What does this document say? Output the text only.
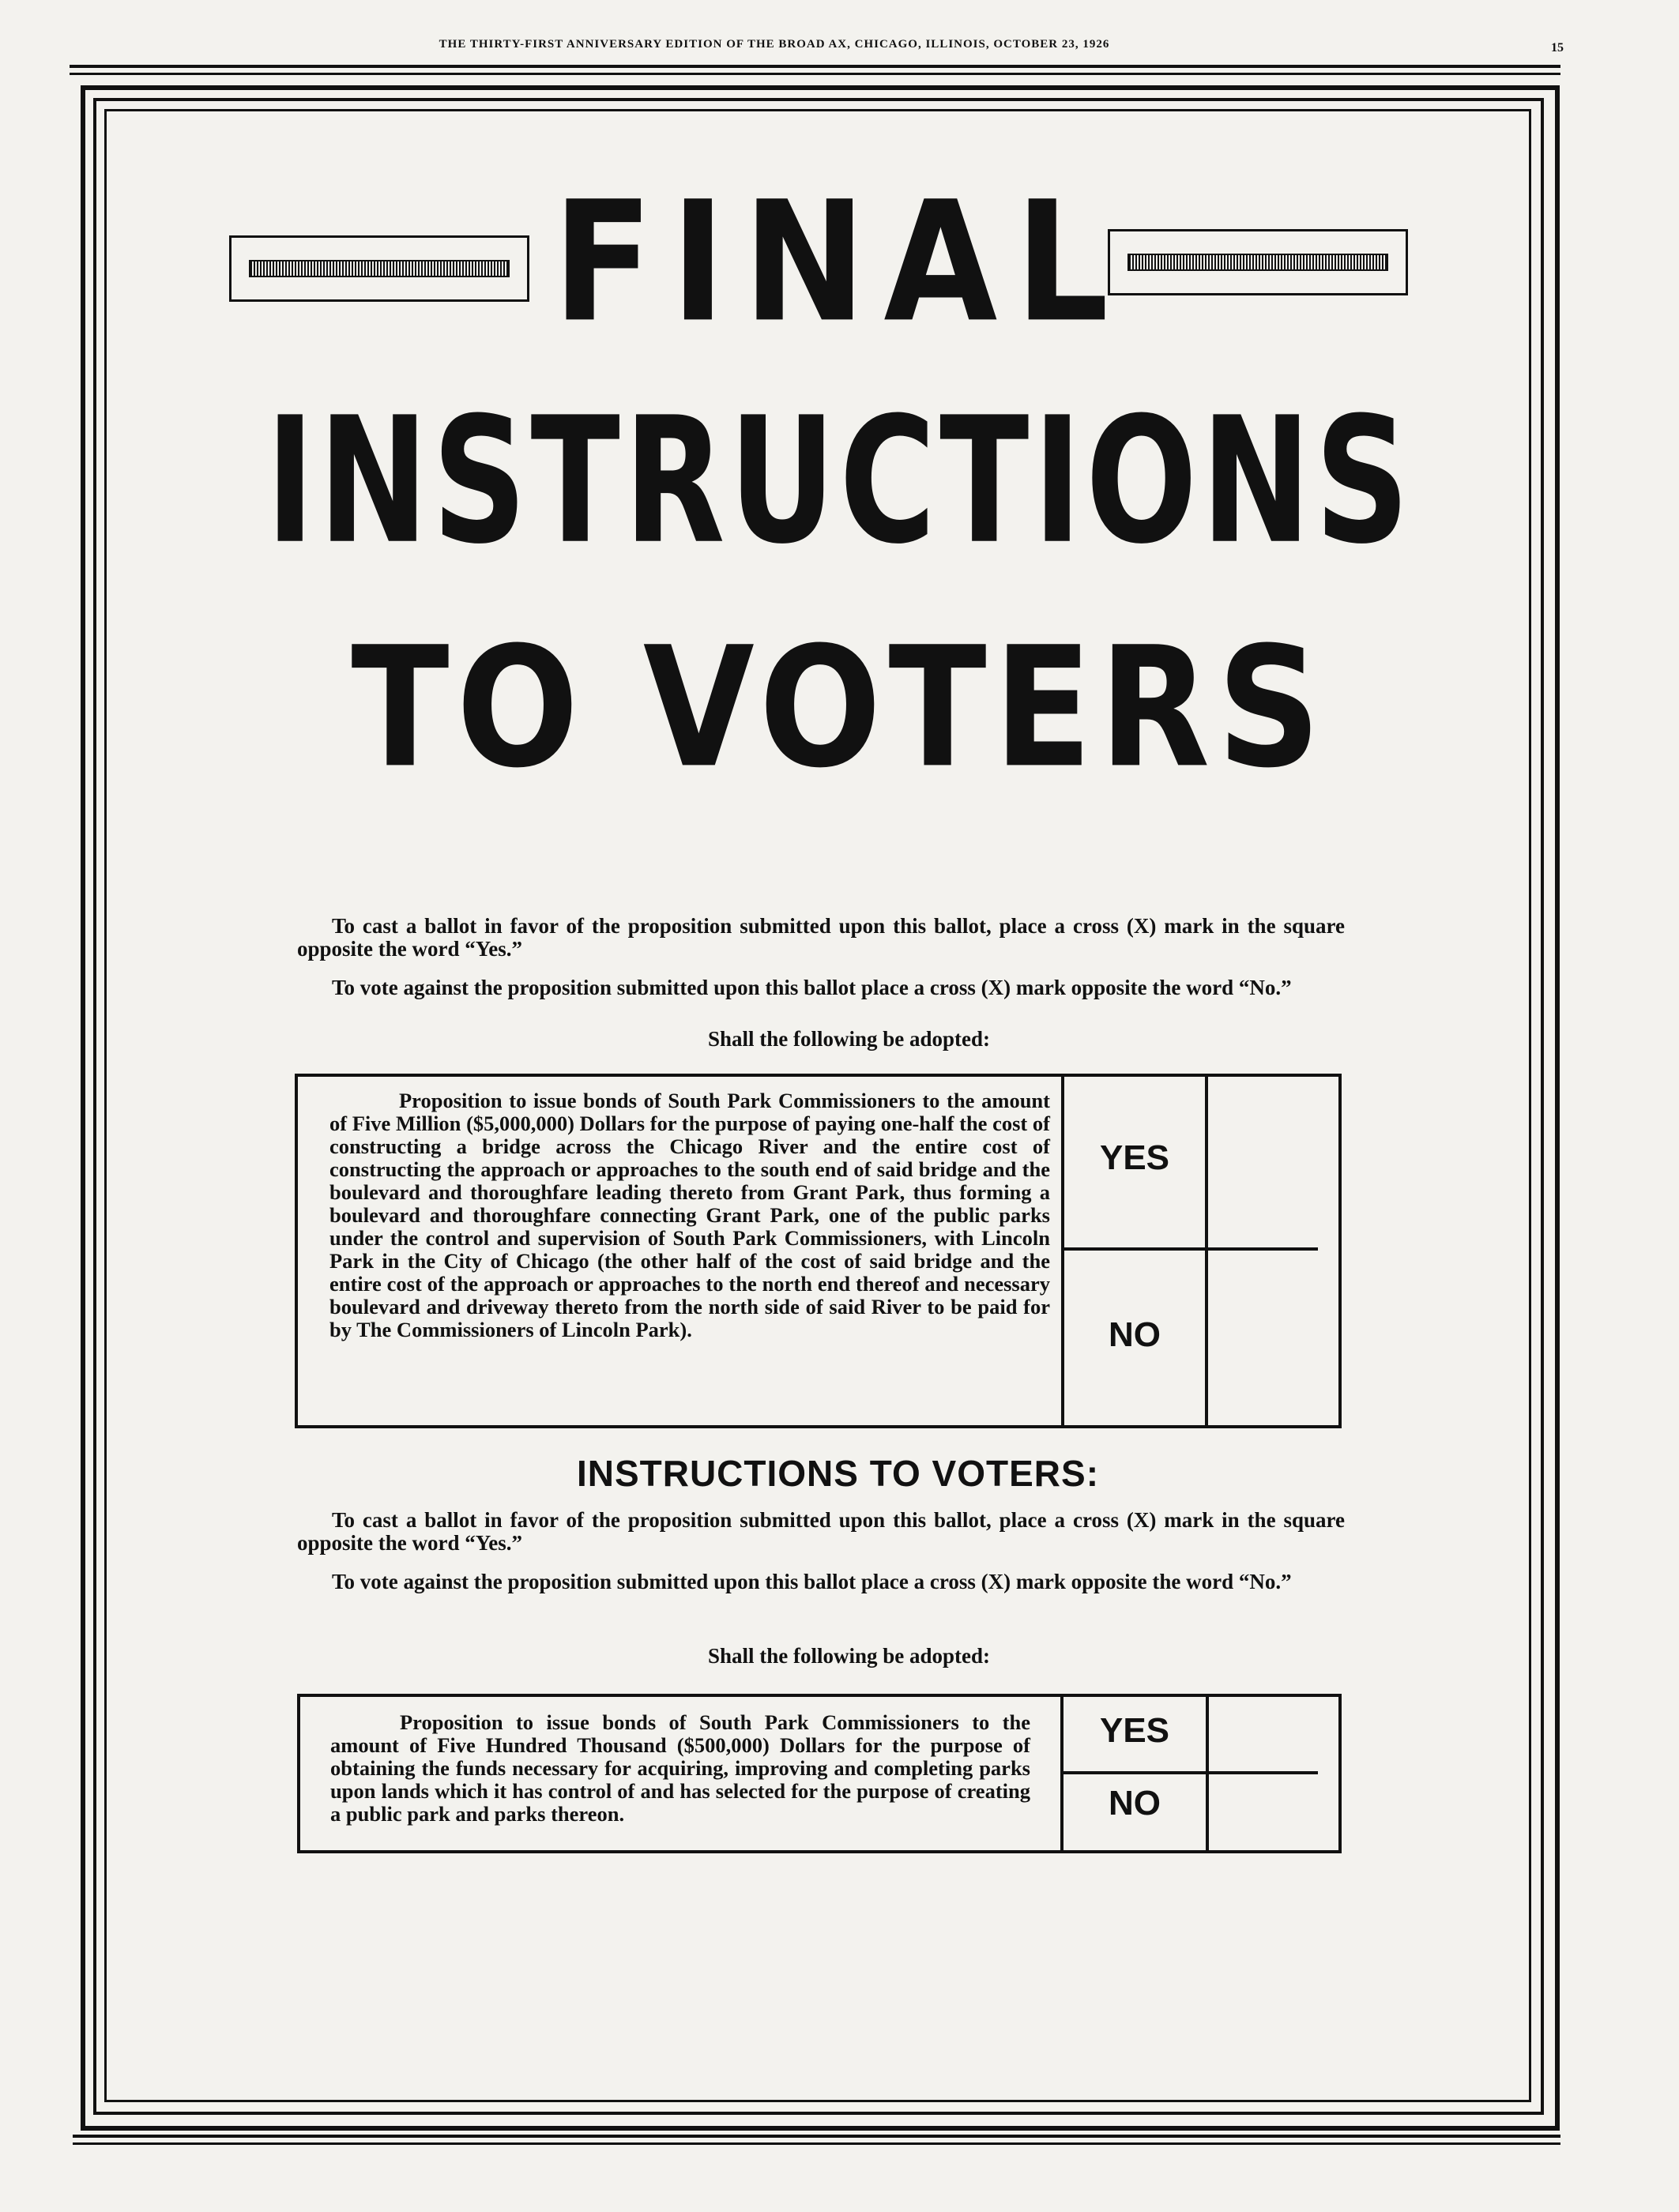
THE THIRTY-FIRST ANNIVERSARY EDITION OF THE BROAD AX, CHICAGO, ILLINOIS, OCTOBER 23, 1926	15
FINAL
INSTRUCTIONS
TO VOTERS
To cast a ballot in favor of the proposition submitted upon this ballot, place a cross (X) mark in the square opposite the word “Yes.”
To vote against the proposition submitted upon this ballot place a cross (X) mark opposite the word “No.”
Shall the following be adopted:
Proposition to issue bonds of South Park Commissioners to the amount of Five Million ($5,000,000) Dollars for the purpose of paying one-half the cost of constructing a bridge across the Chicago River and the entire cost of constructing the approach or approaches to the south end of said bridge and the boulevard and thoroughfare leading thereto from Grant Park, thus forming a boulevard and thoroughfare connecting Grant Park, one of the public parks under the control and supervision of South Park Commissioners, with Lincoln Park in the City of Chicago (the other half of the cost of said bridge and the entire cost of the approach or approaches to the north end thereof and necessary boulevard and driveway thereto from the north side of said River to be paid for by The Commissioners of Lincoln Park).
YES
NO
INSTRUCTIONS TO VOTERS:
To cast a ballot in favor of the proposition submitted upon this ballot, place a cross (X) mark in the square opposite the word “Yes.”
To vote against the proposition submitted upon this ballot place a cross (X) mark opposite the word “No.”
Shall the following be adopted:
Proposition to issue bonds of South Park Commissioners to the amount of Five Hundred Thousand ($500,000) Dollars for the purpose of obtaining the funds necessary for acquiring, improving and completing parks upon lands which it has control of and has selected for the purpose of creating a public park and parks thereon.
YES
NO
